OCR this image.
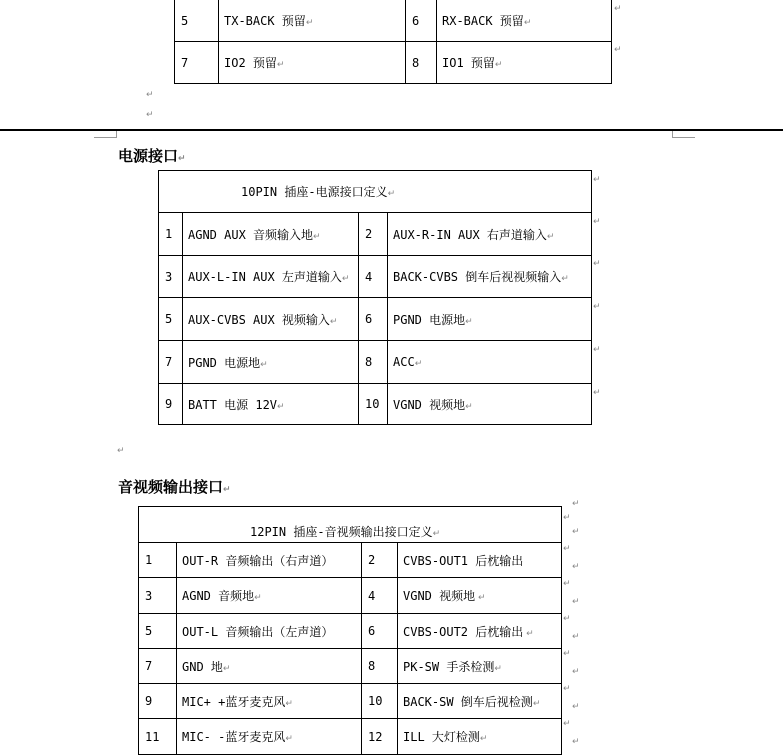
5	TX-BACK 预留↵	6	RX-BACK 预留↵
7	IO2 预留↵	8	IO1 预留↵
↵
↵
↵
↵
电源接口↵
10PIN 插座-电源接口定义↵			
1	AGND AUX 音频输入地↵	2	AUX-R-IN AUX 右声道输入↵
3	AUX-L-IN AUX 左声道输入↵	4	BACK-CVBS 倒车后视视频输入↵
5	AUX-CVBS AUX 视频输入↵	6	PGND 电源地↵
7	PGND 电源地↵	8	ACC↵
9	BATT 电源 12V↵	10	VGND 视频地↵
↵
↵
↵
↵
↵
↵
↵
音视频输出接口↵
12PIN 插座-音视频输出接口定义↵			
1	OUT-R 音频输出（右声道）	2	CVBS-OUT1 后枕输出
3	AGND 音频地↵	4	VGND 视频地 ↵
5	OUT-L 音频输出（左声道）	6	CVBS-OUT2 后枕输出 ↵
7	GND 地↵	8	PK-SW 手杀检测↵
9	MIC+ +蓝牙麦克风↵	10	BACK-SW 倒车后视检测↵
11	MIC- -蓝牙麦克风↵	12	ILL 大灯检测↵
↵
↵
↵
↵
↵
↵
↵
↵
↵
↵
↵
↵
↵
↵
↵
